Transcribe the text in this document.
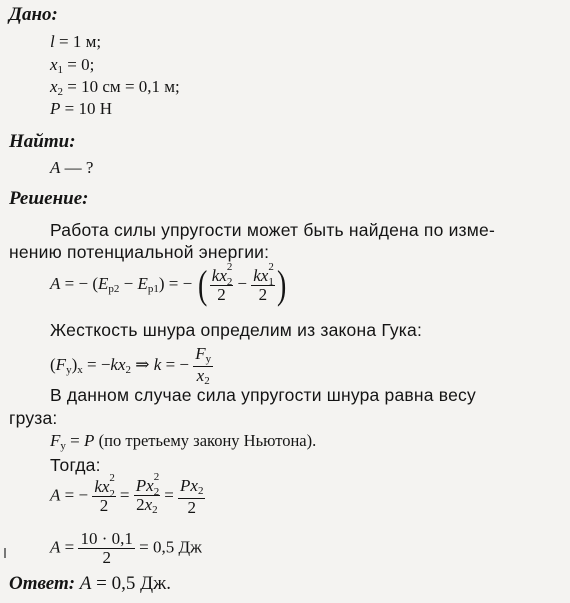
Дано:
l = 1 м;
$x_1 = 0$;
$x_2 = 10$ см = 0,1 м;
P = 10 Н
Найти:
A — ?
Решение:
Работа силы упругости может быть найдена по изме-
нению потенциальной энергии:
A = − $(E_{p2} - E_{p1})$ = − ( kx 2
2

2 − kx 2
1

2 )
Жесткость шнура определим из закона Гука:
$(F_y)_x = -kx_2$ ⇒ k = − $\frac{F_y}{x_2}$
В данном случае сила упругости шнура равна весу
груза:
$F_y = P$ (по третьему закону Ньютона).
Тогда:
A = − kx 2
2

2 = Px 2
2

$2x_2 = \frac{Px_2}{2}$
$A = \frac{10 \cdot 0,1}{2} = 0,5$ Дж
Ответ: A = 0,5 Дж.
